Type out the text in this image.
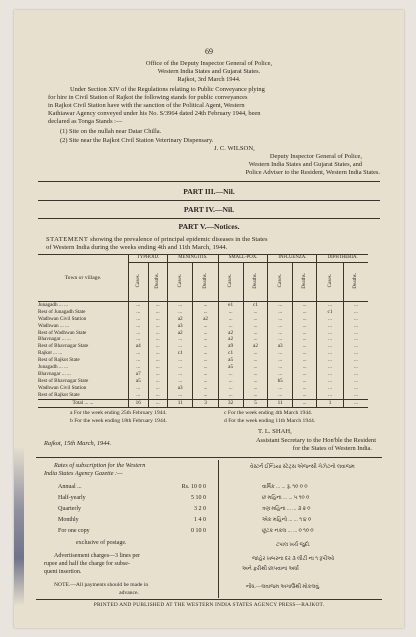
69
Office of the Deputy Inspector General of Police,
Western India States and Gujarat States.
Rajkot, 3rd March 1944.
Under Section XIV of the Regulations relating to Public Conveyance plying
for hire in Civil Station of Rajkot the following stands for public conveyances
in Rajkot Civil Station have with the sanction of the Political Agent, Western
Kathiawar Agency conveyed under his No. S/3964 dated 24th February 1944, been
declared as Tonga Stands :—
(1) Site on the nullah near Datar Chilla.
(2) Site near the Rajkot Civil Station Veterinary Dispensary.
J. C. WILSON,
Deputy Inspector General of Police,
Western India States and Gujarat States, and
Police Adviser to the Resident, Western India States.
PART III.—Nil.
PART IV.—Nil.
PART V.—Notices.
STATEMENT showing the prevalence of principal epidemic diseases in the States
of Western India during the weeks ending 4th and 11th March, 1944.
Town or village.	TYPHOID.		MENINGITIS.		SMALL-POX.		INFLUENZA.		DIPHTHERIA.	
	Cases.	Deaths.	Cases.	Deaths.	Cases.	Deaths.	Cases.	Deaths.	Cases.	Deaths.
Junagadh ... ...	...	...	...	...	e1	c1	...	...	...	...
Rest of Junagadh State	...	...	...	...	...	...	...	...	c1	...
Wadhwan Civil Station	...	...	a2	a2	...	...	...	...	...	...
Wadhwan ... ...	...	...	a3	...	...	...	...	...	...	...
Rest of Wadhwan State	...	...	a2	...	a2	...	...	...	...	...
Bhavnagar ... ...	...	...	...	...	a2	...	...	...	...	...
Rest of Bhavnagar State	a4	...	...	...	a9	a2	a3	...	...	...
Rajkot ... ...	...	...	c1	...	c1	...	...	...	...	...
Rest of Rajkot State	...	...	...	...	a5	...	...	...	...	...
Junagadh ... ...	...	...	...	...	a5	...	...	...	...	...
Bhavnagar ... ...	a7	...	...	...	...	...	...	...	...	...
Rest of Bhavnagar State	a5	...	...	...	...	...	b5	...	...	...
Wadhwan Civil Station	...	...	a3	...	...	...	...	...	...	...
Rest of Rajkot State	...	...	...	...	...	...	...	...	...	...
Total ... ...	16	...	11	3	32	5	11	...	1	...
a For the week ending 25th February 1944.
b For the week ending 18th February 1944.
c For the week ending 4th March 1944.
d For the week ending 11th March 1944.
T. L. SHAH,
Rajkot, 15th March, 1944.	Assistant Secretary to the Hon'ble the Resident
for the States of Western India.
Rates of subscription for the Western
India States Agency Gazette :—
Annual ...	Rs. 10 0 0
Half-yearly	5 10 0
Quarterly	3 2 0
Monthly	1 4 0
For one copy	0 10 0
exclusive of postage.
Advertisement charges—3 lines per
rupee and half the charge for subse-
quent insertion.
NOTE.—All payments should be made in
advance.
વેસ્ટર્ન ઈન્ડિયા સ્ટેટ્સ એજન્સી ગેઝેટનો લવાજમ
વાર્ષિક ... ... રૂ. ૧૦ ૦ ૦
છ મહિના ... ... ૫ ૧૦ ૦
ત્રણ મહિના ... ... ૩ ૨ ૦
એક મહિનો ... ... ૧ ૪ ૦
છૂટક નકલ ... ... ૦ ૧૦ ૦
ટપાલ ખર્ચ જુદો.
જાહેર ખબરના દર ૩ લીટી ના ૧ રૂપીઓ
અને ફરીથી છાપવાના અર્ધા
નોંધ.—લવાજમ અગાઉથી મોકલવું.
PRINTED AND PUBLISHED AT THE WESTERN INDIA STATES AGENCY PRESS—RAJKOT.
